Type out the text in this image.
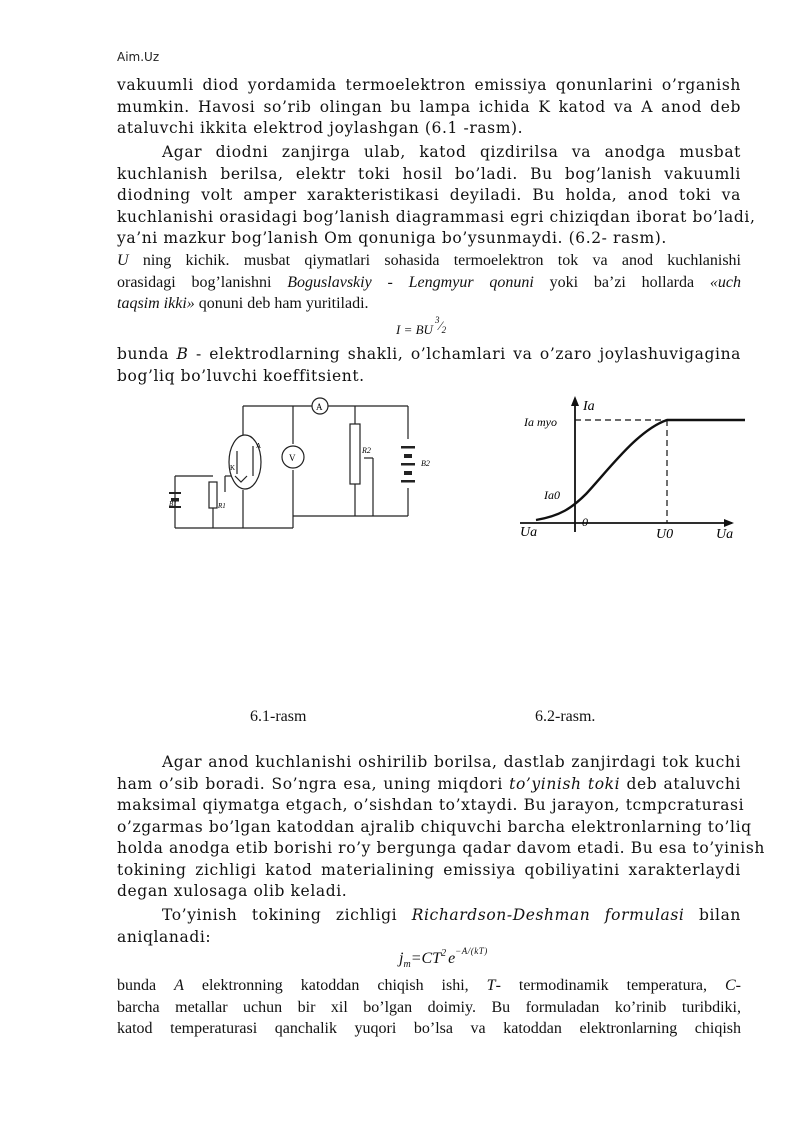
Aim.Uz
vakuumli diod yordamida termoelektron emissiya qonunlarini o’rganish
mumkin. Havosi so’rib olingan bu lampa ichida K katod va A anod deb
ataluvchi ikkita elektrod joylashgan (6.1 -rasm).
Agar diodni zanjirga ulab, katod qizdirilsa va anodga musbat
kuchlanish berilsa, elektr toki hosil bo’ladi. Bu bog’lanish vakuumli
diodning volt amper xarakteristikasi deyiladi. Bu holda, anod toki va
kuchlanishi orasidagi bog’lanish diagrammasi egri chiziqdan iborat bo’ladi,
ya’ni mazkur bog’lanish Om qonuniga bo’ysunmaydi. (6.2- rasm).
U ning kichik. musbat qiymatlari sohasida termoelektron tok va anod kuchlanishi
orasidagi bog’lanishni Boguslavskiy - Lengmyur qonuni yoki ba’zi hollarda «uch
taqsim ikki» qonuni deb ham yuritiladi.
$I = BU^3⁄2$
bunda B - elektrodlarning shakli, o’lchamlari va o’zaro joylashuvigagina
bog’liq bo’luvchi koeffitsient.
A
V
R2
B2
B1	R1
K
A
Ia
Ia myo
Ia0
Ua
0
U0	Ua
6.1-rasm	6.2-rasm.
Agar anod kuchlanishi oshirilib borilsa, dastlab zanjirdagi tok kuchi
ham o’sib boradi. So’ngra esa, uning miqdori to’yinish toki deb ataluvchi
maksimal qiymatga etgach, o’sishdan to’xtaydi. Bu jarayon, tcmpcraturasi
o’zgarmas bo’lgan katoddan ajralib chiquvchi barcha elektronlarning to’liq
holda anodga etib borishi ro’y bergunga qadar davom etadi. Bu esa to’yinish
tokining zichligi katod materialining emissiya qobiliyatini xarakterlaydi
degan xulosaga olib keladi.
To’yinish tokining zichligi Richardson-Deshman formulasi bilan
aniqlanadi:
$j_m=CT^2$ $e^{-A/(kT)}$
bunda A elektronning katoddan chiqish ishi, T- termodinamik temperatura, C-
barcha metallar uchun bir xil bo’lgan doimiy. Bu formuladan ko’rinib turibdiki,
katod temperaturasi qanchalik yuqori bo’lsa va katoddan elektronlarning chiqish
